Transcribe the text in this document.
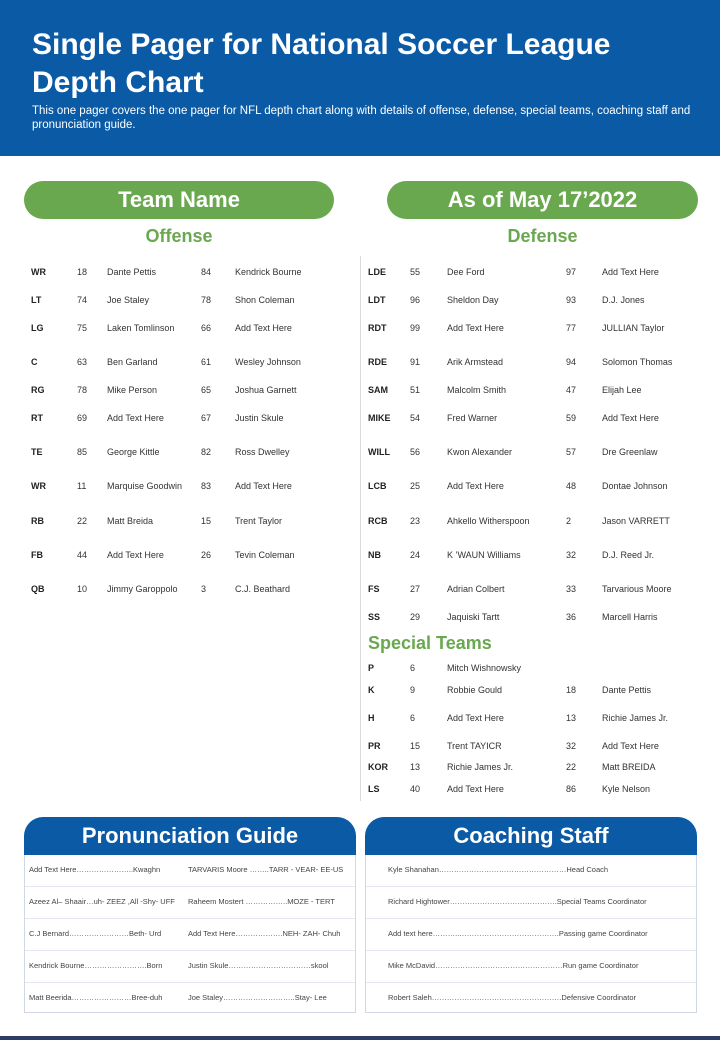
Single Pager for National Soccer League Depth Chart
This one pager covers the one pager for NFL depth chart along with details of offense, defense, special teams, coaching staff and pronunciation guide.
Team Name	As of May 17’2022
Offense	Defense
Special Teams
WR	18 Dante Pettis	84	Kendrick Bourne
LT	74 Joe Staley	78	Shon Coleman
LG	75 Laken Tomlinson	66	Add Text Here
C	63 Ben Garland	61	Wesley Johnson
RG	78 Mike Person	65	Joshua Garnett
RT	69 Add Text Here	67	Justin Skule
TE	85 George Kittle	82	Ross Dwelley
WR	11 Marquise Goodwin	83	Add Text Here
RB	22 Matt Breida	15	Trent Taylor
FB	44 Add Text Here	26	Tevin Coleman
QB	10 Jimmy Garoppolo	3	C.J. Beathard
LDE	55	Dee Ford	97	Add Text Here
LDT	96	Sheldon Day	93	D.J. Jones
RDT	99	Add Text Here	77	JULLIAN Taylor
RDE	91	Arik Armstead	94	Solomon Thomas
SAM 51	Malcolm Smith	47	Elijah Lee
MIKE 54	Fred Warner	59	Add Text Here
WILL 56	Kwon Alexander	57	Dre Greenlaw
LCB	25	Add Text Here	48	Dontae Johnson
RCB	23	Ahkello Witherspoon	2	Jason VARRETT
NB	24	K ’WAUN Williams	32	D.J. Reed Jr.
FS	27	Adrian Colbert	33	Tarvarious Moore
SS	29	Jaquiski Tartt	36	Marcell Harris
P	6	Mitch Wishnowsky
K	9	Robbie Gould	18	Dante Pettis
H	6	Add Text Here	13	Richie James Jr.
PR	15	Trent TAYICR	32	Add Text Here
KOR 13	Richie James Jr.	22	Matt BREIDA
LS	40	Add Text Here	86	Kyle Nelson
Pronunciation Guide	Coaching Staff
Add Text Here…………………..Kwaghn	TARVARIS Moore ……..TARR - VEAR- EE-US
Azeez Al– Shaair…uh- ZEEZ ,All -Shy- UFF	Raheem Mostert ……………..MOZE - TERT
C.J Bernard……………………Beth- Urd	Add Text Here……………….NEH- ZAH- Chuh
Kendrick Bourne…………………….Born	Justin Skule……………………………skool
Matt Beerida……………………Bree-duh	Joe Staley………………………..Stay- Lee
Kyle Shanahan……………………………………………Head Coach
Richard Hightower…………………………………….Special Teams Coordinator
Add text here………..………………………………….Passing game Coordinator
Mike McDavid……………………………………………Run game Coordinator
Robert Saleh…………………………………………….Defensive Coordinator
